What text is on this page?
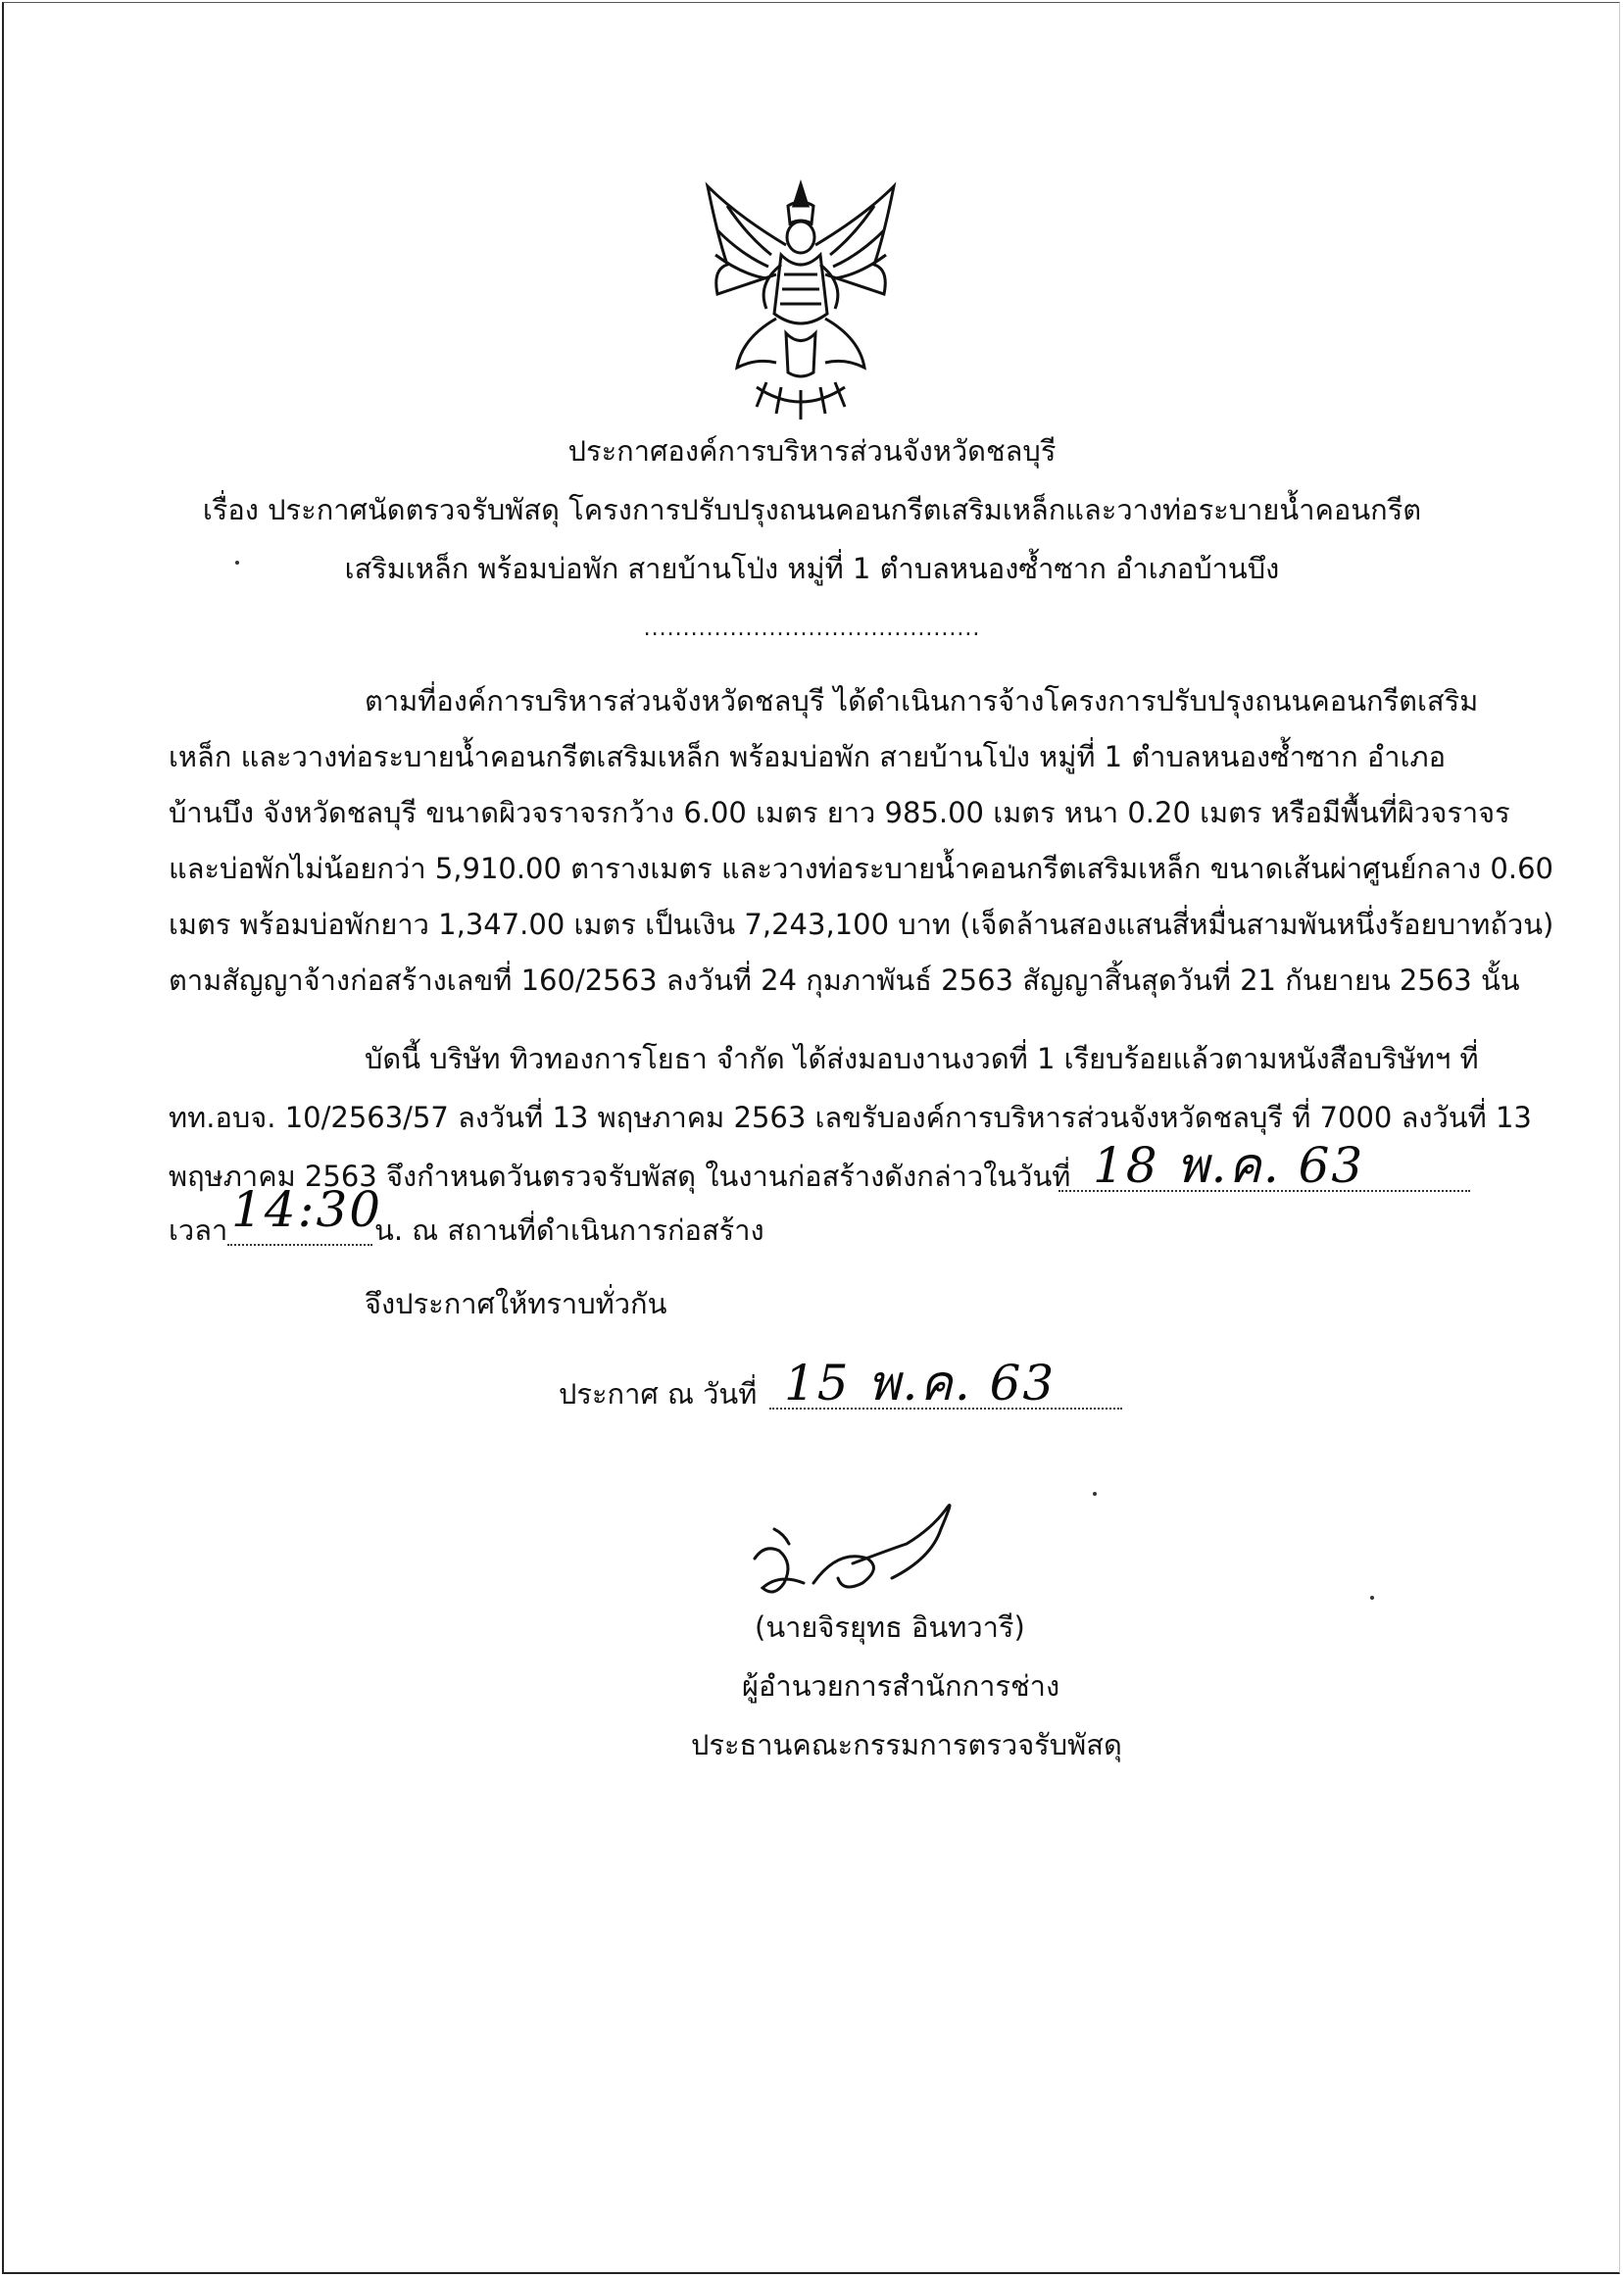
ประกาศองค์การบริหารส่วนจังหวัดชลบุรี
เรื่อง ประกาศนัดตรวจรับพัสดุ โครงการปรับปรุงถนนคอนกรีตเสริมเหล็กและวางท่อระบายน้ำคอนกรีต
เสริมเหล็ก พร้อมบ่อพัก สายบ้านโป่ง หมู่ที่ 1 ตำบลหนองซ้ำซาก อำเภอบ้านบึง
...........................................
ตามที่องค์การบริหารส่วนจังหวัดชลบุรี ได้ดำเนินการจ้างโครงการปรับปรุงถนนคอนกรีตเสริม
เหล็ก และวางท่อระบายน้ำคอนกรีตเสริมเหล็ก พร้อมบ่อพัก สายบ้านโป่ง หมู่ที่ 1 ตำบลหนองซ้ำซาก อำเภอ
บ้านบึง จังหวัดชลบุรี ขนาดผิวจราจรกว้าง 6.00 เมตร ยาว 985.00 เมตร หนา 0.20 เมตร หรือมีพื้นที่ผิวจราจร
และบ่อพักไม่น้อยกว่า 5,910.00 ตารางเมตร และวางท่อระบายน้ำคอนกรีตเสริมเหล็ก ขนาดเส้นผ่าศูนย์กลาง 0.60
เมตร พร้อมบ่อพักยาว 1,347.00 เมตร เป็นเงิน 7,243,100 บาท (เจ็ดล้านสองแสนสี่หมื่นสามพันหนึ่งร้อยบาทถ้วน)
ตามสัญญาจ้างก่อสร้างเลขที่ 160/2563 ลงวันที่ 24 กุมภาพันธ์ 2563 สัญญาสิ้นสุดวันที่ 21 กันยายน 2563 นั้น
บัดนี้ บริษัท ทิวทองการโยธา จำกัด ได้ส่งมอบงานงวดที่ 1 เรียบร้อยแล้วตามหนังสือบริษัทฯ ที่
ทท.อบจ. 10/2563/57 ลงวันที่ 13 พฤษภาคม 2563 เลขรับองค์การบริหารส่วนจังหวัดชลบุรี ที่ 7000 ลงวันที่ 13
พฤษภาคม 2563 จึงกำหนดวันตรวจรับพัสดุ ในงานก่อสร้างดังกล่าวในวันที่ 18 พ.ค. 63
เวลา 14:30
น. ณ สถานที่ดำเนินการก่อสร้าง
จึงประกาศให้ทราบทั่วกัน
ประกาศ ณ วันที่ 15 พ.ค. 63
(นายจิรยุทธ อินทวารี)
ผู้อำนวยการสำนักการช่าง
ประธานคณะกรรมการตรวจรับพัสดุ
